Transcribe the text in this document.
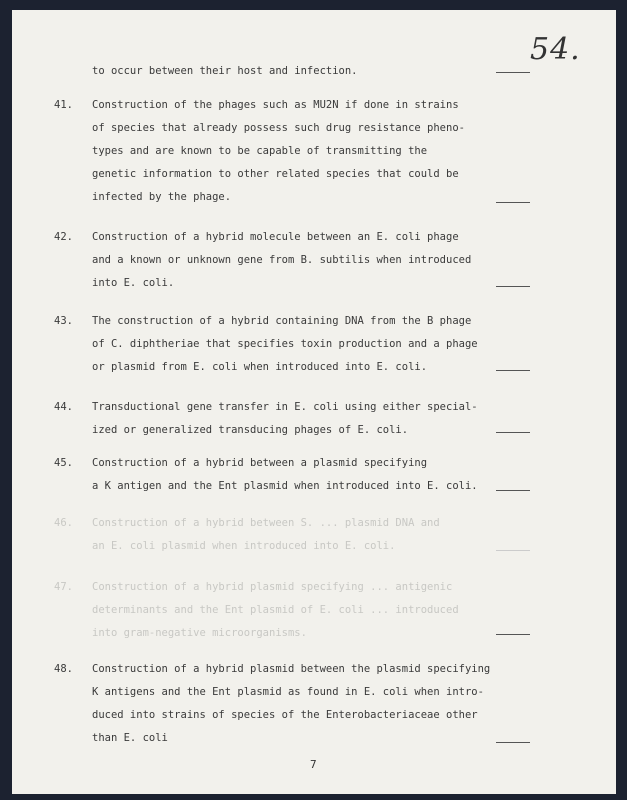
54.
to occur between their host and infection.
41.	Construction of the phages such as MU2N if done in strains
of species that already possess such drug resistance pheno-
types and are known to be capable of transmitting the
genetic information to other related species that could be
infected by the phage.
42.	Construction of a hybrid molecule between an E. coli phage
and a known or unknown gene from B. subtilis when introduced
into E. coli.
43.	The construction of a hybrid containing DNA from the B phage
of C. diphtheriae that specifies toxin production and a phage
or plasmid from E. coli when introduced into E. coli.
44.	Transductional gene transfer in E. coli using either special-
ized or generalized transducing phages of E. coli.
45.	Construction of a hybrid between a plasmid specifying
a K antigen and the Ent plasmid when introduced into E. coli.
46.	Construction of a hybrid between S. ... plasmid DNA and
an E. coli plasmid when introduced into E. coli.
47.	Construction of a hybrid plasmid specifying ... antigenic
determinants and the Ent plasmid of E. coli ... introduced
into gram-negative microorganisms.
48.	Construction of a hybrid plasmid between the plasmid specifying
K antigens and the Ent plasmid as found in E. coli when intro-
duced into strains of species of the Enterobacteriaceae other
than E. coli
7
